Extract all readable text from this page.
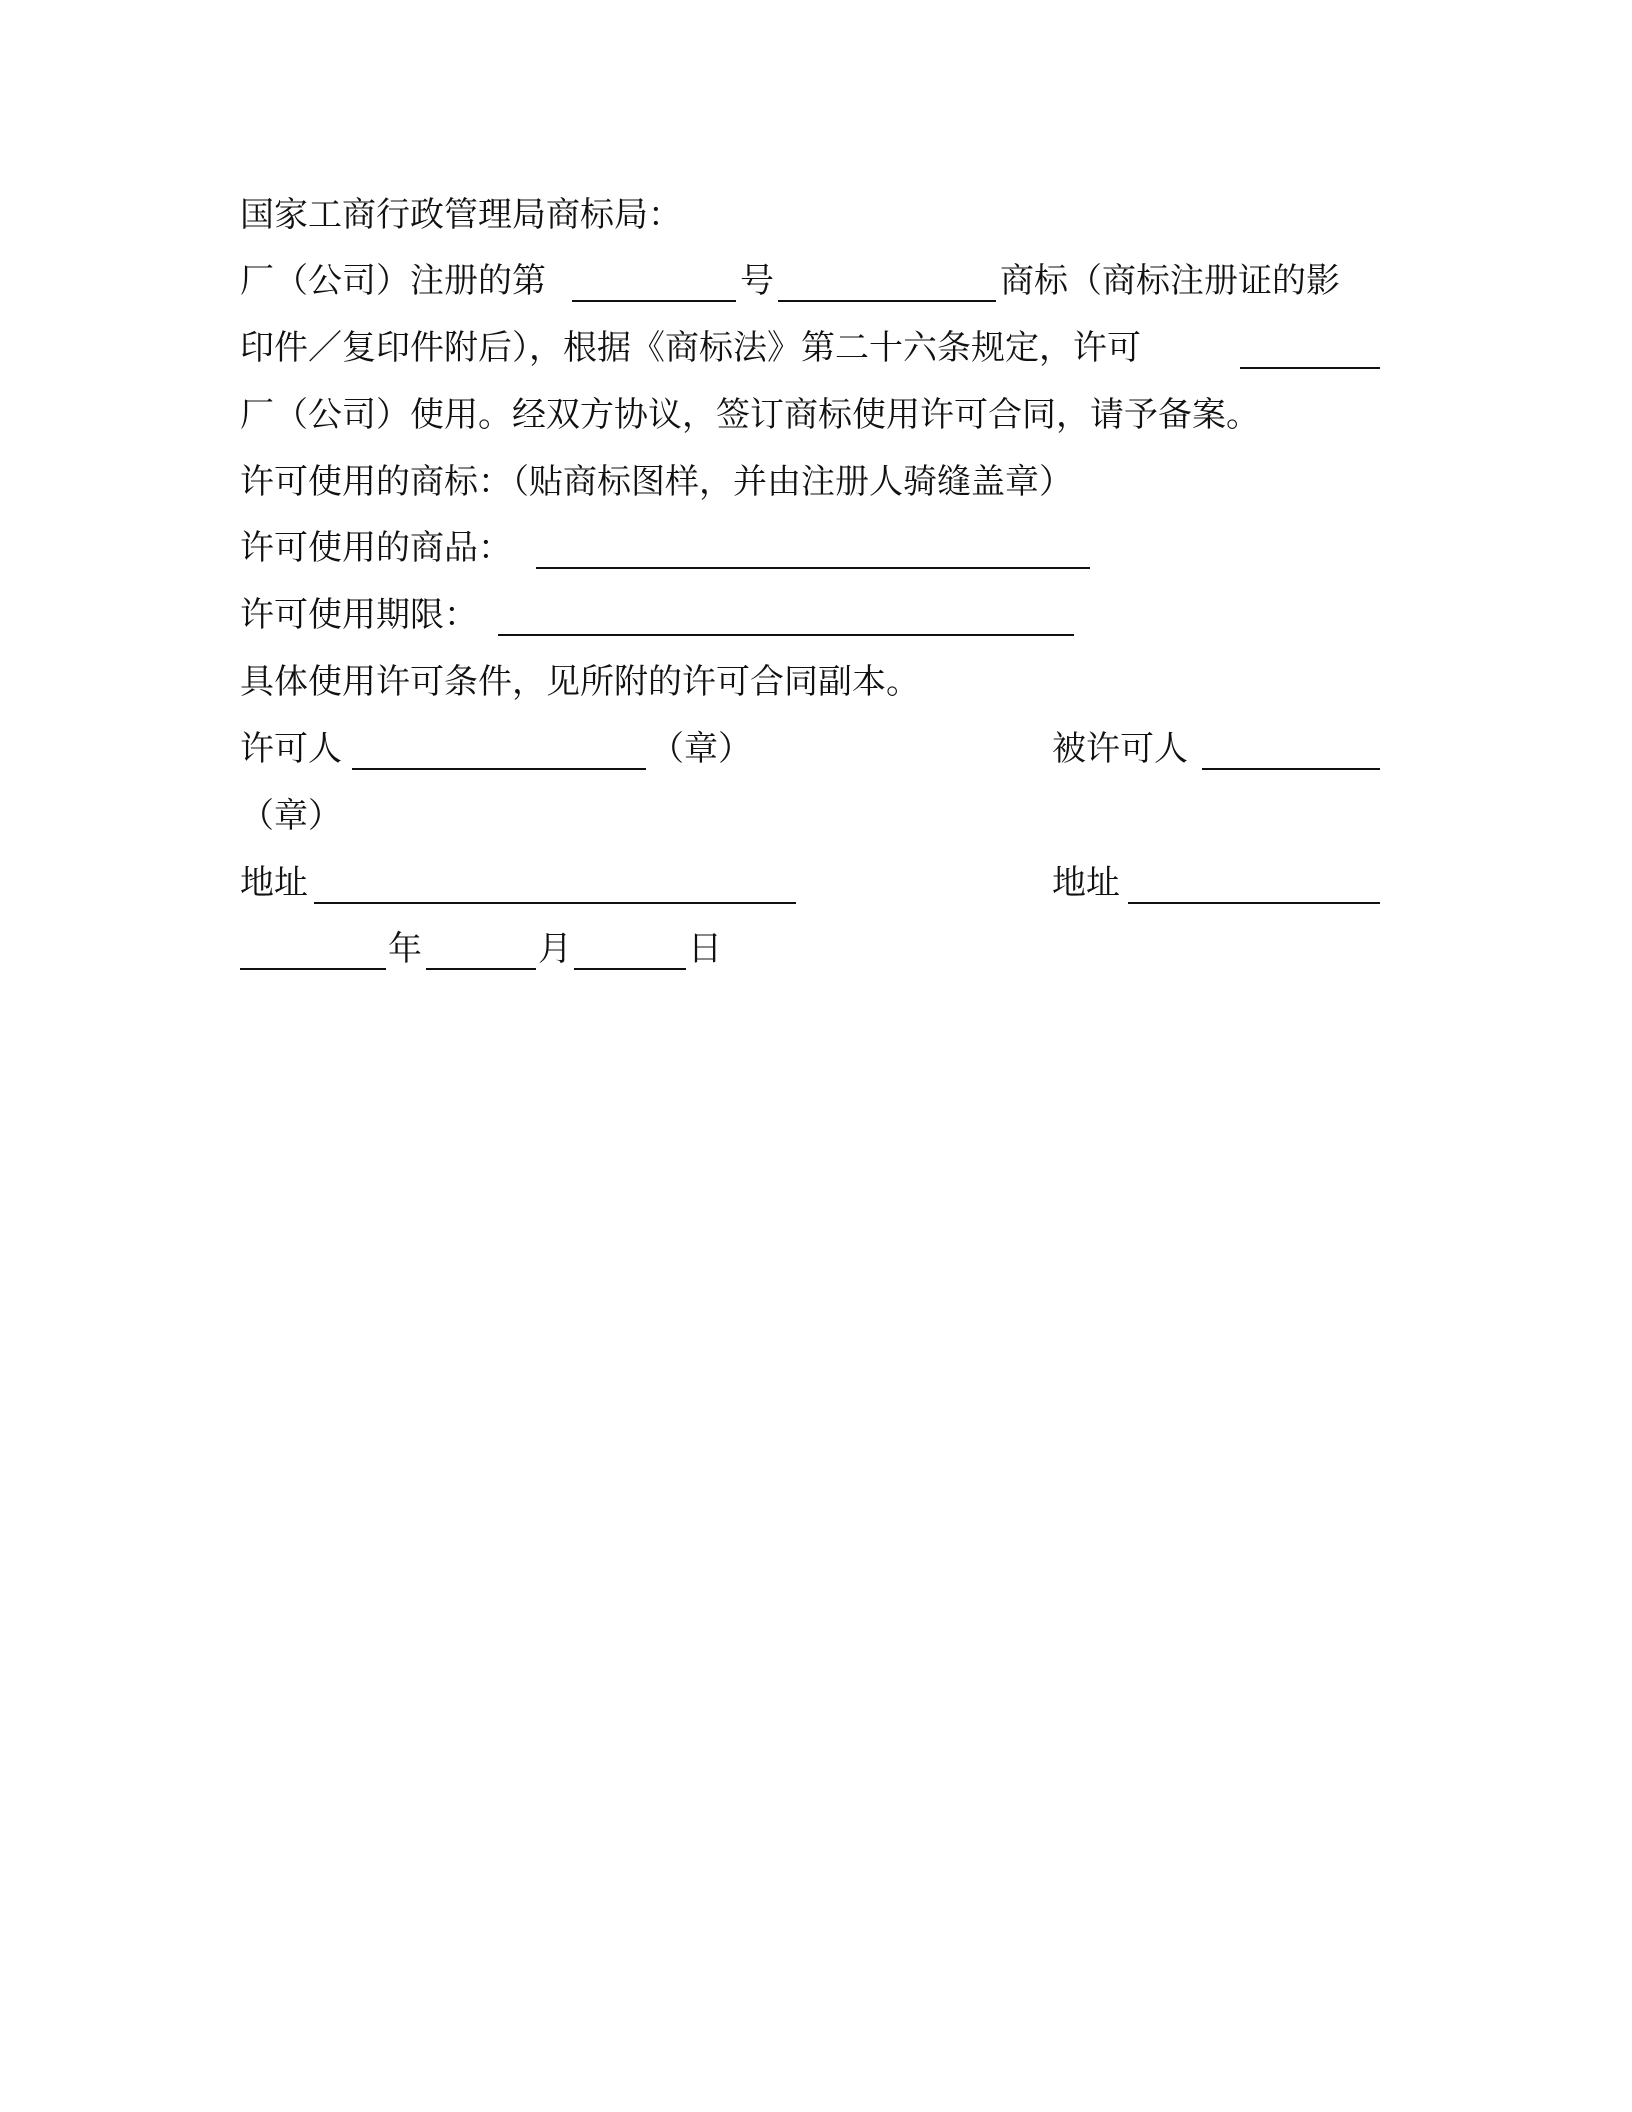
国家工商行政管理局商标局：
厂（公司）注册的第	号	商标（商标注册证的影
印件／复印件附后），根据《商标法》第二十六条规定，许可
厂（公司）使用。经双方协议，签订商标使用许可合同，请予备案。
许可使用的商标：（贴商标图样，并由注册人骑缝盖章）
许可使用的商品：
许可使用期限：
具体使用许可条件，见所附的许可合同副本。
许可人	（章）	被许可人
（章）
地址	地址
年	月	日
